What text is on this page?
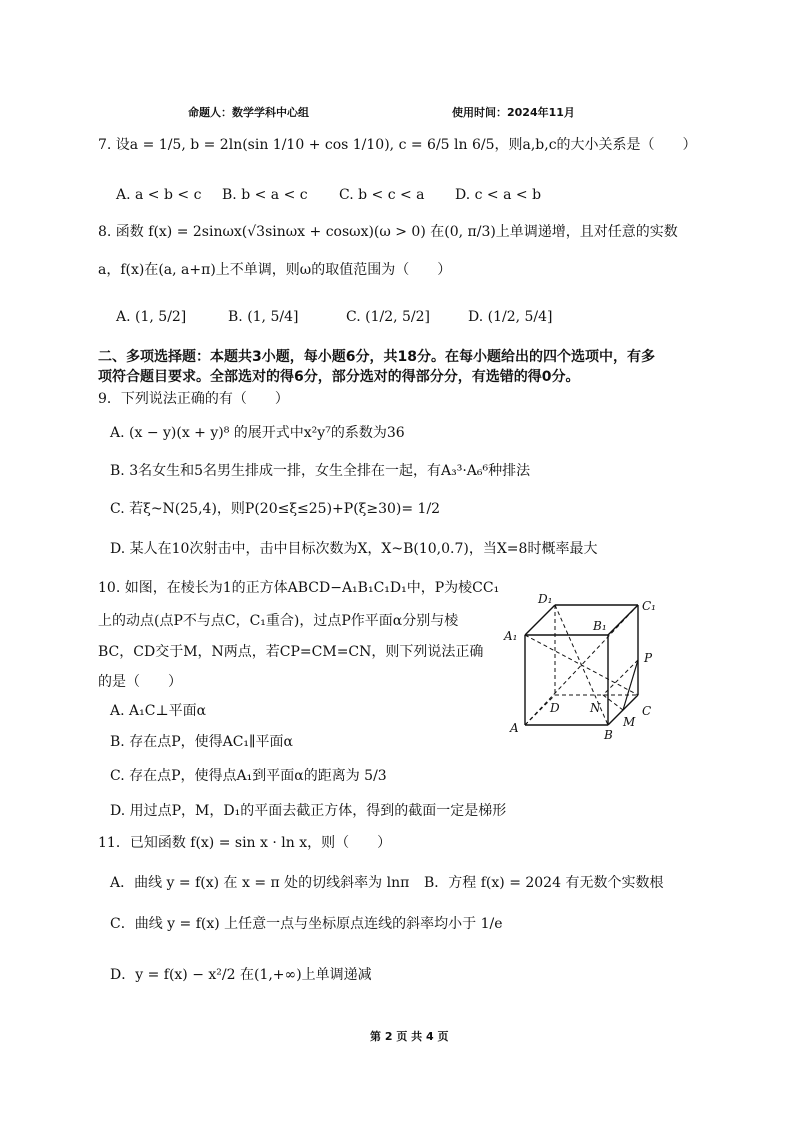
命题人：数学学科中心组	使用时间：2024年11月
7. 设a = 1/5, b = 2ln(sin 1/10 + cos 1/10), c = 6/5 ln 6/5，则a,b,c的大小关系是（　　）
A. a < b < c B. b < a < c C. b < c < a D. c < a < b
8. 函数 f(x) = 2sinωx(√3sinωx + cosωx)(ω > 0) 在(0, π/3)上单调递增，且对任意的实数
a，f(x)在(a, a+π)上不单调，则ω的取值范围为（　　）
A. (1, 5/2]	B. (1, 5/4]	C. (1/2, 5/2]	D. (1/2, 5/4]
二、多项选择题：本题共3小题，每小题6分，共18分。在每小题给出的四个选项中，有多
项符合题目要求。全部选对的得6分，部分选对的得部分分，有选错的得0分。
9．下列说法正确的有（　　）
A. (x − y)(x + y)⁸ 的展开式中x²y⁷的系数为36
B. 3名女生和5名男生排成一排，女生全排在一起，有A₃³·A₆⁶种排法
C. 若ξ~N(25,4)，则P(20≤ξ≤25)+P(ξ≥30)= 1/2
D. 某人在10次射击中，击中目标次数为X，X~B(10,0.7)，当X=8时概率最大
10. 如图，在棱长为1的正方体ABCD−A₁B₁C₁D₁中，P为棱CC₁
上的动点(点P不与点C，C₁重合)，过点P作平面α分别与棱
BC，CD交于M，N两点，若CP=CM=CN，则下列说法正确
的是（　　）
A. A₁C⊥平面α
B. 存在点P，使得AC₁∥平面α
C. 存在点P，使得点A₁到平面α的距离为 5/3
D. 用过点P，M，D₁的平面去截正方体，得到的截面一定是梯形
D₁	C₁
A₁
B₁
P
D	N	C
A	B
M
11．已知函数 f(x) = sin x · ln x，则（　　）
A．曲线 y = f(x) 在 x = π 处的切线斜率为 lnπ B．方程 f(x) = 2024 有无数个实数根
C．曲线 y = f(x) 上任意一点与坐标原点连线的斜率均小于 1/e
D．y = f(x) − x²/2 在(1,+∞)上单调递减
第 2 页 共 4 页
